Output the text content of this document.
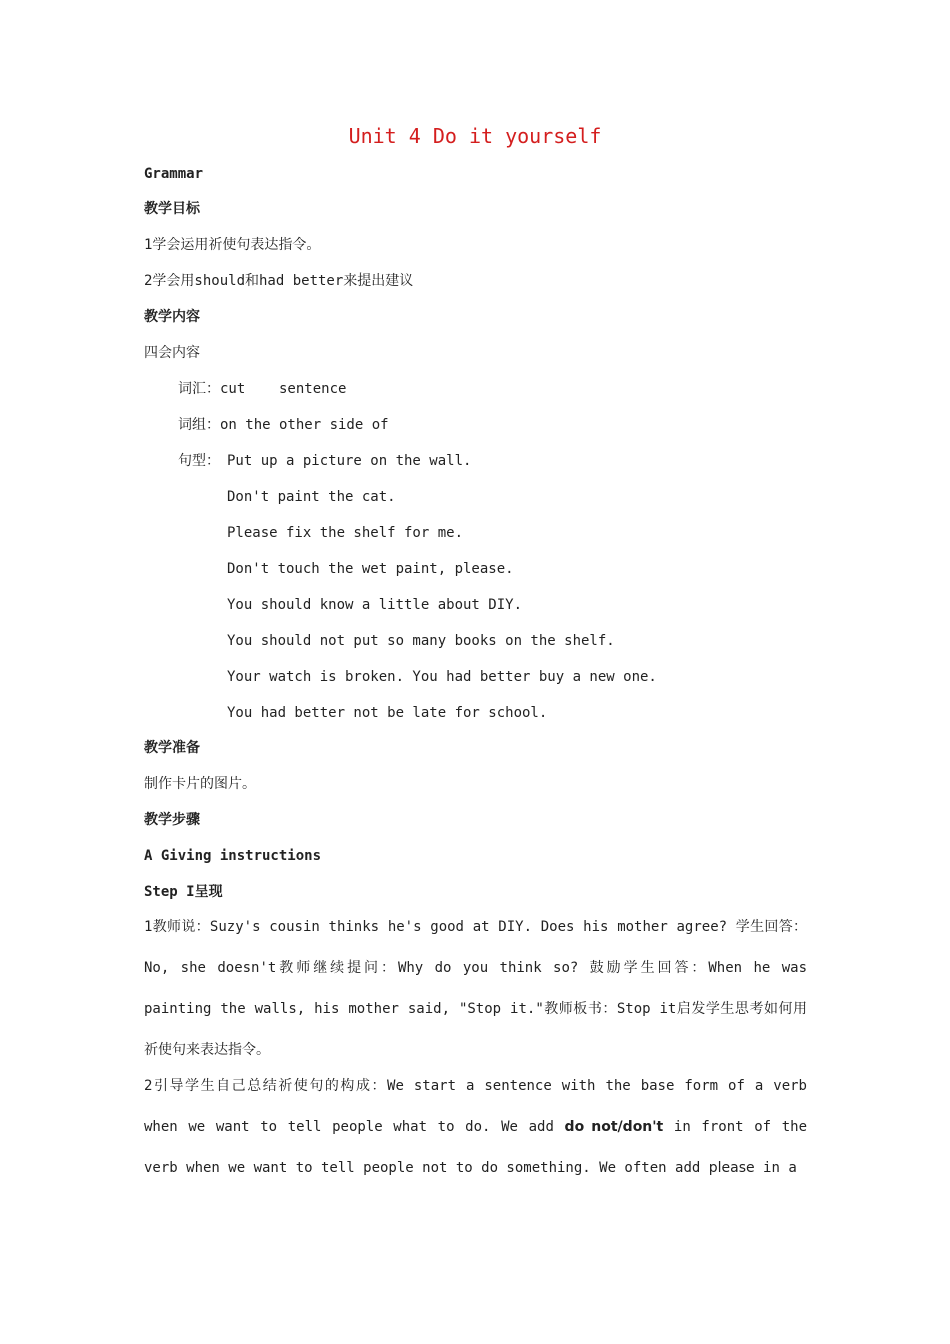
Unit 4 Do it yourself
Grammar
教学目标
1学会运用祈使句表达指令。
2学会用should和had better来提出建议
教学内容
四会内容
词汇：cut    sentence
词组：on the other side of
句型： Put up a picture on the wall.
Don't paint the cat.
Please fix the shelf for me.
Don't touch the wet paint, please.
You should know a little about DIY.
You should not put so many books on the shelf.
Your watch is broken. You had better buy a new one.
You had better not be late for school.
教学准备
制作卡片的图片。
教学步骤
A Giving instructions
Step I呈现
1教师说：Suzy's cousin thinks he's good at DIY. Does his mother agree? 学生回答：No, she doesn't教师继续提问：Why do you think so? 鼓励学生回答：When he was painting the walls, his mother said, "Stop it."教师板书：Stop it启发学生思考如何用祈使句来表达指令。
2引导学生自己总结祈使句的构成：We start a sentence with the base form of a verb when we want to tell people what to do. We add do not/don't in front of the verb when we want to tell people not to do something. We often add please in a
